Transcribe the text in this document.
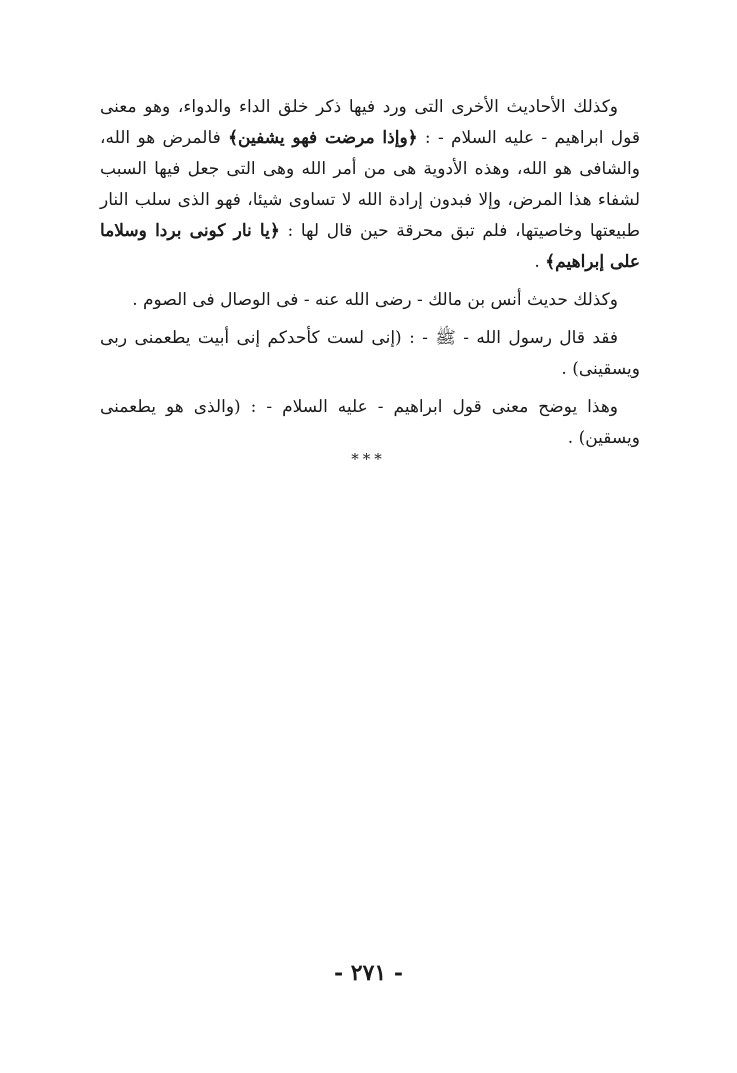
وكذلك الأحاديث الأخرى التى ورد فيها ذكر خلق الداء والدواء، وهو معنى قول ابراهيم - عليه السلام - : ﴿وإذا مرضت فهو يشفين﴾ فالمرض هو الله، والشافى هو الله، وهذه الأدوية هى من أمر الله وهى التى جعل فيها السبب لشفاء هذا المرض، وإلا فبدون إرادة الله لا تساوى شيئا، فهو الذى سلب النار طبيعتها وخاصيتها، فلم تبق محرقة حين قال لها : ﴿يا نار كونى بردا وسلاما على إبراهيم﴾ .

وكذلك حديث أنس بن مالك - رضى الله عنه - فى الوصال فى الصوم .

فقد قال رسول الله - ﷺ - : (إنى لست كأحدكم إنى أبيت يطعمنى ربى ويسقينى) .

وهذا يوضح معنى قول ابراهيم - عليه السلام - : (والذى هو يطعمنى ويسقين) .

***
- ٢٧١ -
